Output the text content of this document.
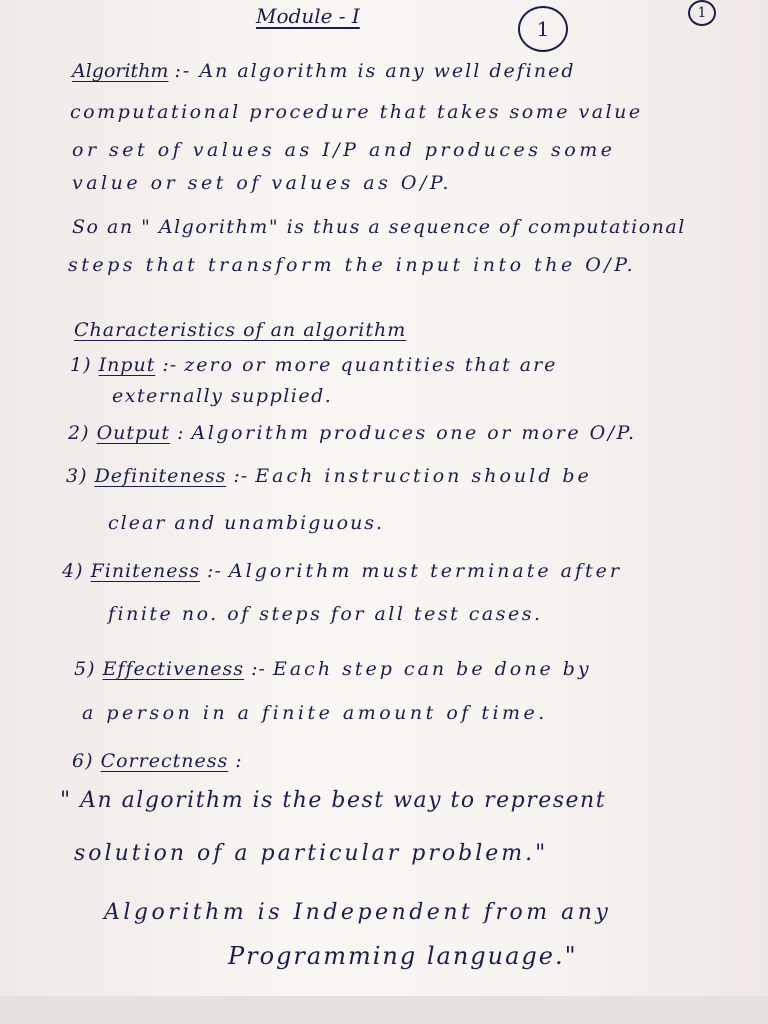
Module - I
1
1
Algorithm :- An algorithm is any well defined
computational procedure that takes some value
or set of values as I/P and produces some
value or set of values as O/P.
So an " Algorithm" is thus a sequence of computational
steps that transform the input into the O/P.
Characteristics of an algorithm
1) Input :- zero or more quantities that are
externally supplied.
2) Output : Algorithm produces one or more O/P.
3) Definiteness :- Each instruction should be
clear and unambiguous.
4) Finiteness :- Algorithm must terminate after
finite no. of steps for all test cases.
5) Effectiveness :- Each step can be done by
a person in a finite amount of time.
6) Correctness :
" An algorithm is the best way to represent
solution of a particular problem."
Algorithm is Independent from any
Programming language."
